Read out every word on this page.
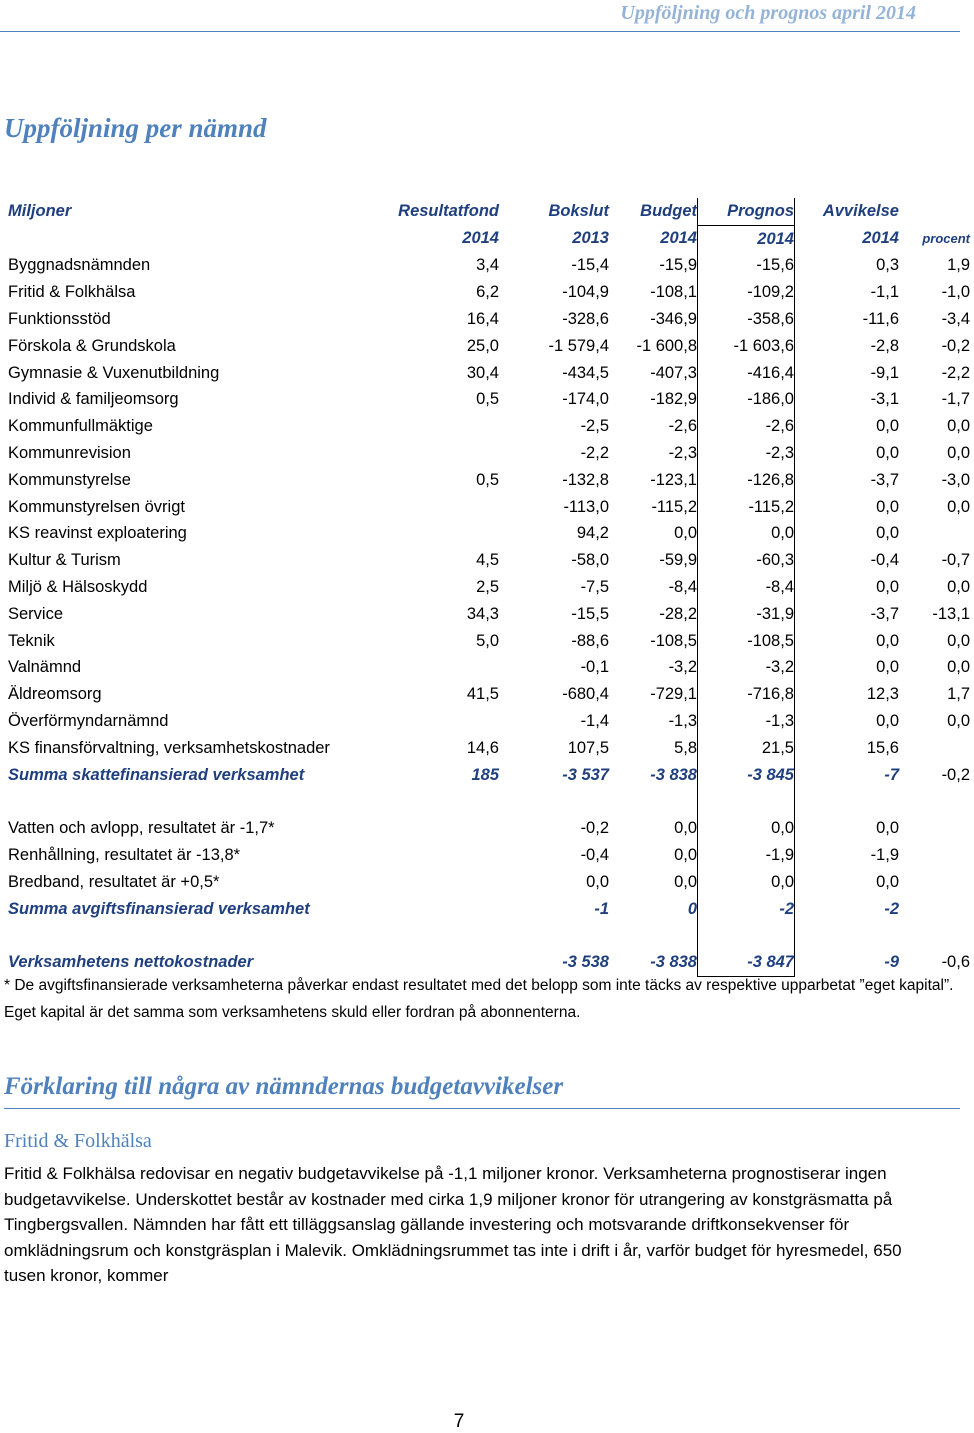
Uppföljning och prognos april 2014
Uppföljning per nämnd
Miljoner	Resultatfond	Bokslut	Budget	Prognos	Avvikelse	
	2014	2013	2014	2014	2014	procent
Byggnadsnämnden	3,4	-15,4	-15,9	-15,6	0,3	1,9
Fritid & Folkhälsa	6,2	-104,9	-108,1	-109,2	-1,1	-1,0
Funktionsstöd	16,4	-328,6	-346,9	-358,6	-11,6	-3,4
Förskola & Grundskola	25,0	-1 579,4	-1 600,8	-1 603,6	-2,8	-0,2
Gymnasie & Vuxenutbildning	30,4	-434,5	-407,3	-416,4	-9,1	-2,2
Individ & familjeomsorg	0,5	-174,0	-182,9	-186,0	-3,1	-1,7
Kommunfullmäktige		-2,5	-2,6	-2,6	0,0	0,0
Kommunrevision		-2,2	-2,3	-2,3	0,0	0,0
Kommunstyrelse	0,5	-132,8	-123,1	-126,8	-3,7	-3,0
Kommunstyrelsen övrigt		-113,0	-115,2	-115,2	0,0	0,0
KS reavinst exploatering		94,2	0,0	0,0	0,0	
Kultur & Turism	4,5	-58,0	-59,9	-60,3	-0,4	-0,7
Miljö & Hälsoskydd	2,5	-7,5	-8,4	-8,4	0,0	0,0
Service	34,3	-15,5	-28,2	-31,9	-3,7	-13,1
Teknik	5,0	-88,6	-108,5	-108,5	0,0	0,0
Valnämnd		-0,1	-3,2	-3,2	0,0	0,0
Äldreomsorg	41,5	-680,4	-729,1	-716,8	12,3	1,7
Överförmyndarnämnd		-1,4	-1,3	-1,3	0,0	0,0
KS finansförvaltning, verksamhetskostnader	14,6	107,5	5,8	21,5	15,6	
Summa skattefinansierad verksamhet	185	-3 537	-3 838	-3 845	-7	-0,2

Vatten och avlopp, resultatet är -1,7*		-0,2	0,0	0,0	0,0	
Renhållning, resultatet är -13,8*		-0,4	0,0	-1,9	-1,9	
Bredband, resultatet är +0,5*		0,0	0,0	0,0	0,0	
Summa avgiftsfinansierad verksamhet		-1	0	-2	-2	

Verksamhetens nettokostnader		-3 538	-3 838	-3 847	-9	-0,6
* De avgiftsfinansierade verksamheterna påverkar endast resultatet med det belopp som inte täcks av respektive upparbetat ”eget kapital”. Eget kapital är det samma som verksamhetens skuld eller fordran på abonnenterna.
Förklaring till några av nämndernas budgetavvikelser
Fritid & Folkhälsa
Fritid & Folkhälsa redovisar en negativ budgetavvikelse på -1,1 miljoner kronor. Verksamheterna prognostiserar ingen budgetavvikelse. Underskottet består av kostnader med cirka 1,9 miljoner kronor för utrangering av konstgräsmatta på Tingbergsvallen. Nämnden har fått ett tilläggsanslag gällande investering och motsvarande driftkonsekvenser för omklädningsrum och konstgräsplan i Malevik. Omklädningsrummet tas inte i drift i år, varför budget för hyresmedel, 650 tusen kronor, kommer
7
